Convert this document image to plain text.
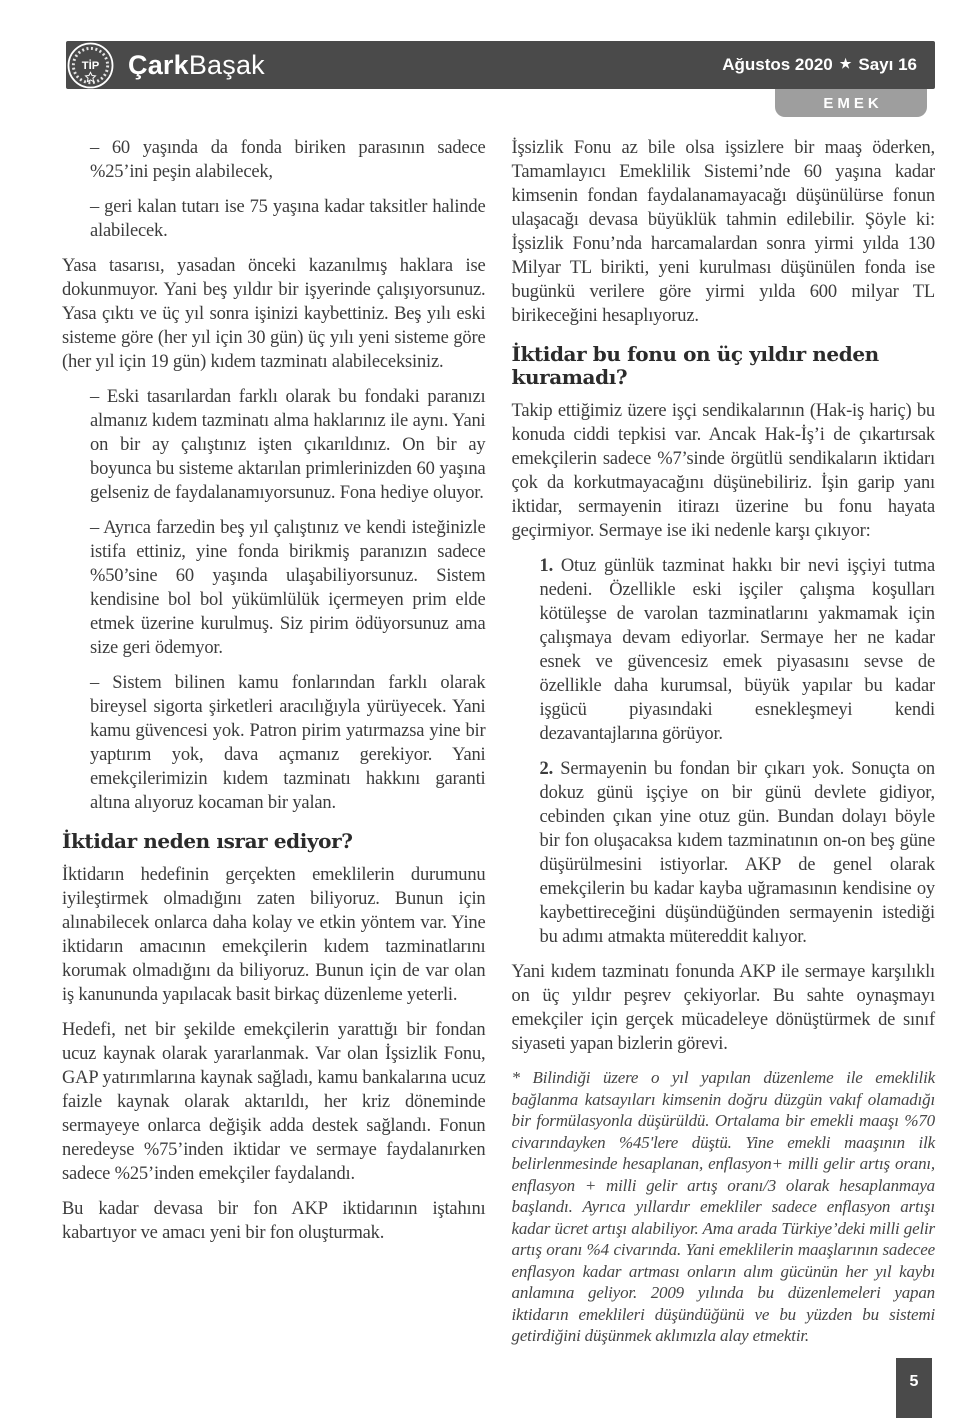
TİP ÇarkBaşak	Ağustos 2020 ★ Sayı 16
EMEK

– 60 yaşında da fonda biriken parasının sadece %25’ini peşin alabilecek,

– geri kalan tutarı ise 75 yaşına kadar taksitler halinde alabilecek.

Yasa tasarısı, yasadan önceki kazanılmış haklara ise dokunmuyor. Yani beş yıldır bir işyerinde çalışıyorsunuz. Yasa çıktı ve üç yıl sonra işinizi kaybettiniz. Beş yılı eski sisteme göre (her yıl için 30 gün) üç yılı yeni sisteme göre (her yıl için 19 gün) kıdem tazminatı alabileceksiniz.

– Eski tasarılardan farklı olarak bu fondaki paranızı almanız kıdem tazminatı alma haklarınız ile aynı. Yani on bir ay çalıştınız işten çıkarıldınız. On bir ay boyunca bu sisteme aktarılan primlerinizden 60 yaşına gelseniz de faydalanamıyorsunuz. Fona hediye oluyor.

– Ayrıca farzedin beş yıl çalıştınız ve kendi isteğinizle istifa ettiniz, yine fonda birikmiş paranızın sadece %50’sine 60 yaşında ulaşabiliyorsunuz. Sistem kendisine bol bol yükümlülük içermeyen prim elde etmek üzerine kurulmuş. Siz pirim ödüyorsunuz ama size geri ödemyor.

– Sistem bilinen kamu fonlarından farklı olarak bireysel sigorta şirketleri aracılığıyla yürüyecek. Yani kamu güvencesi yok. Patron pirim yatırmazsa yine bir yaptırım yok, dava açmanız gerekiyor. Yani emekçilerimizin kıdem tazminatı hakkını garanti altına alıyoruz kocaman bir yalan.

İktidar neden ısrar ediyor?

İktidarın hedefinin gerçekten emeklilerin durumunu iyileştirmek olmadığını zaten biliyoruz. Bunun için alınabilecek onlarca daha kolay ve etkin yöntem var. Yine iktidarın amacının emekçilerin kıdem tazminatlarını korumak olmadığını da biliyoruz. Bunun için de var olan iş kanununda yapılacak basit birkaç düzenleme yeterli.

Hedefi, net bir şekilde emekçilerin yarattığı bir fondan ucuz kaynak olarak yararlanmak. Var olan İşsizlik Fonu, GAP yatırımlarına kaynak sağladı, kamu bankalarına ucuz faizle kaynak olarak aktarıldı, her kriz döneminde sermayeye onlarca değişik adda destek sağlandı. Fonun neredeyse %75’inden iktidar ve sermaye faydalanırken sadece %25’inden emekçiler faydalandı.

Bu kadar devasa bir fon AKP iktidarının iştahını kabartıyor ve amacı yeni bir fon oluşturmak.

İşsizlik Fonu az bile olsa işsizlere bir maaş öderken, Tamamlayıcı Emeklilik Sistemi’nde 60 yaşına kadar kimsenin fondan faydalanamayacağı düşünülürse fonun ulaşacağı devasa büyüklük tahmin edilebilir. Şöyle ki: İşsizlik Fonu’nda harcamalardan sonra yirmi yılda 130 Milyar TL birikti, yeni kurulması düşünülen fonda ise bugünkü verilere göre yirmi yılda 600 milyar TL birikeceğini hesaplıyoruz.

İktidar bu fonu on üç yıldır neden kuramadı?

Takip ettiğimiz üzere işçi sendikalarının (Hak-iş hariç) bu konuda ciddi tepkisi var. Ancak Hak-İş’i de çıkartırsak emekçilerin sadece %7’sinde örgütlü sendikaların iktidarı çok da korkutmayacağını düşünebiliriz. İşin garip yanı iktidar, sermayenin itirazı üzerine bu fonu hayata geçirmiyor. Sermaye ise iki nedenle karşı çıkıyor:

1. Otuz günlük tazminat hakkı bir nevi işçiyi tutma nedeni. Özellikle eski işçiler çalışma koşulları kötüleşse de varolan tazminatlarını yakmamak için çalışmaya devam ediyorlar. Sermaye her ne kadar esnek ve güvencesiz emek piyasasını sevse de özellikle daha kurumsal, büyük yapılar bu kadar işgücü piyasındaki esnekleşmeyi kendi dezavantajlarına görüyor.

2. Sermayenin bu fondan bir çıkarı yok. Sonuçta on dokuz günü işçiye on bir günü devlete gidiyor, cebinden çıkan yine otuz gün. Bundan dolayı böyle bir fon oluşacaksa kıdem tazminatının on-on beş güne düşürülmesini istiyorlar. AKP de genel olarak emekçilerin bu kadar kayba uğramasının kendisine oy kaybettireceğini düşündüğünden sermayenin istediği bu adımı atmakta mütereddit kalıyor.

Yani kıdem tazminatı fonunda AKP ile sermaye karşılıklı on üç yıldır peşrev çekiyorlar. Bu sahte oynaşmayı emekçiler için gerçek mücadeleye dönüştürmek de sınıf siyaseti yapan bizlerin görevi.

* Bilindiği üzere o yıl yapılan düzenleme ile emeklilik bağlanma katsayıları kimsenin doğru düzgün vakıf olamadığı bir formülasyonla düşürüldü. Ortalama bir emekli maaşı %70 civarındayken %45'lere düştü. Yine emekli maaşının ilk belirlenmesinde hesaplanan, enflasyon+ milli gelir artış oranı, enflasyon + milli gelir artış oranı/3 olarak hesaplanmaya başlandı. Ayrıca yıllardır emekliler sadece enflasyon artışı kadar ücret artışı alabiliyor. Ama arada Türkiye’deki milli gelir artış oranı %4 civarında. Yani emeklilerin maaşlarının sadecee enflasyon kadar artması onların alım gücünün her yıl kaybı anlamına geliyor. 2009 yılında bu düzenlemeleri yapan iktidarın emeklileri düşündüğünü ve bu yüzden bu sistemi getirdiğini düşünmek aklımızla alay etmektir.

5
